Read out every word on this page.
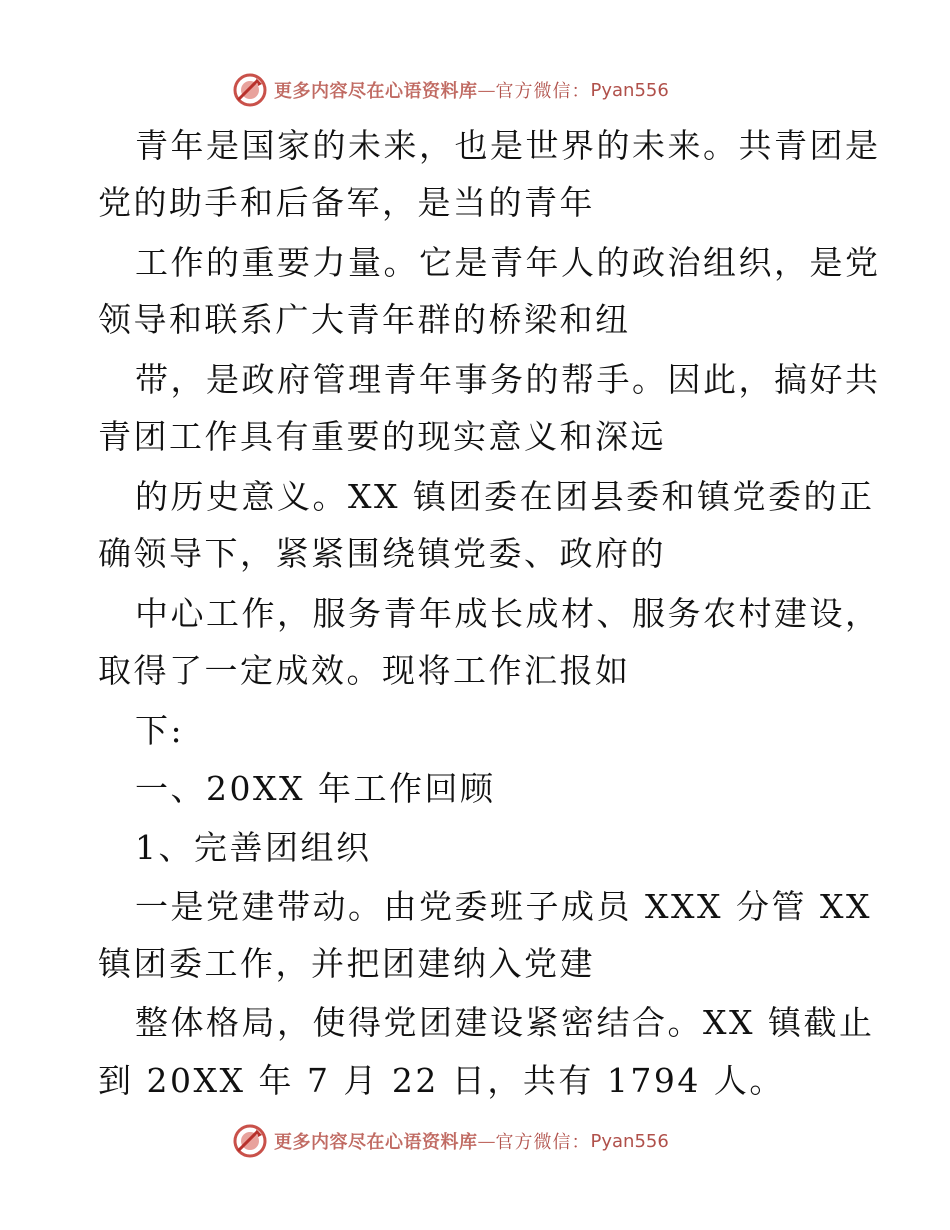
更多内容尽在心语资料库 — 官方微信： Pyan556
青年是国家的未来，也是世界的未来。共青团是
党的助手和后备军，是当的青年
工作的重要力量。它是青年人的政治组织，是党
领导和联系广大青年群的桥梁和纽
带，是政府管理青年事务的帮手。因此，搞好共
青团工作具有重要的现实意义和深远
的历史意义。XX 镇团委在团县委和镇党委的正
确领导下，紧紧围绕镇党委、政府的
中心工作，服务青年成长成材、服务农村建设，
取得了一定成效。现将工作汇报如
下:
一、20XX 年工作回顾
1、完善团组织
一是党建带动。由党委班子成员 XXX 分管 XX
镇团委工作，并把团建纳入党建
整体格局，使得党团建设紧密结合。XX 镇截止
到 20XX 年 7 月 22 日，共有 1794 人。
更多内容尽在心语资料库 — 官方微信： Pyan556
